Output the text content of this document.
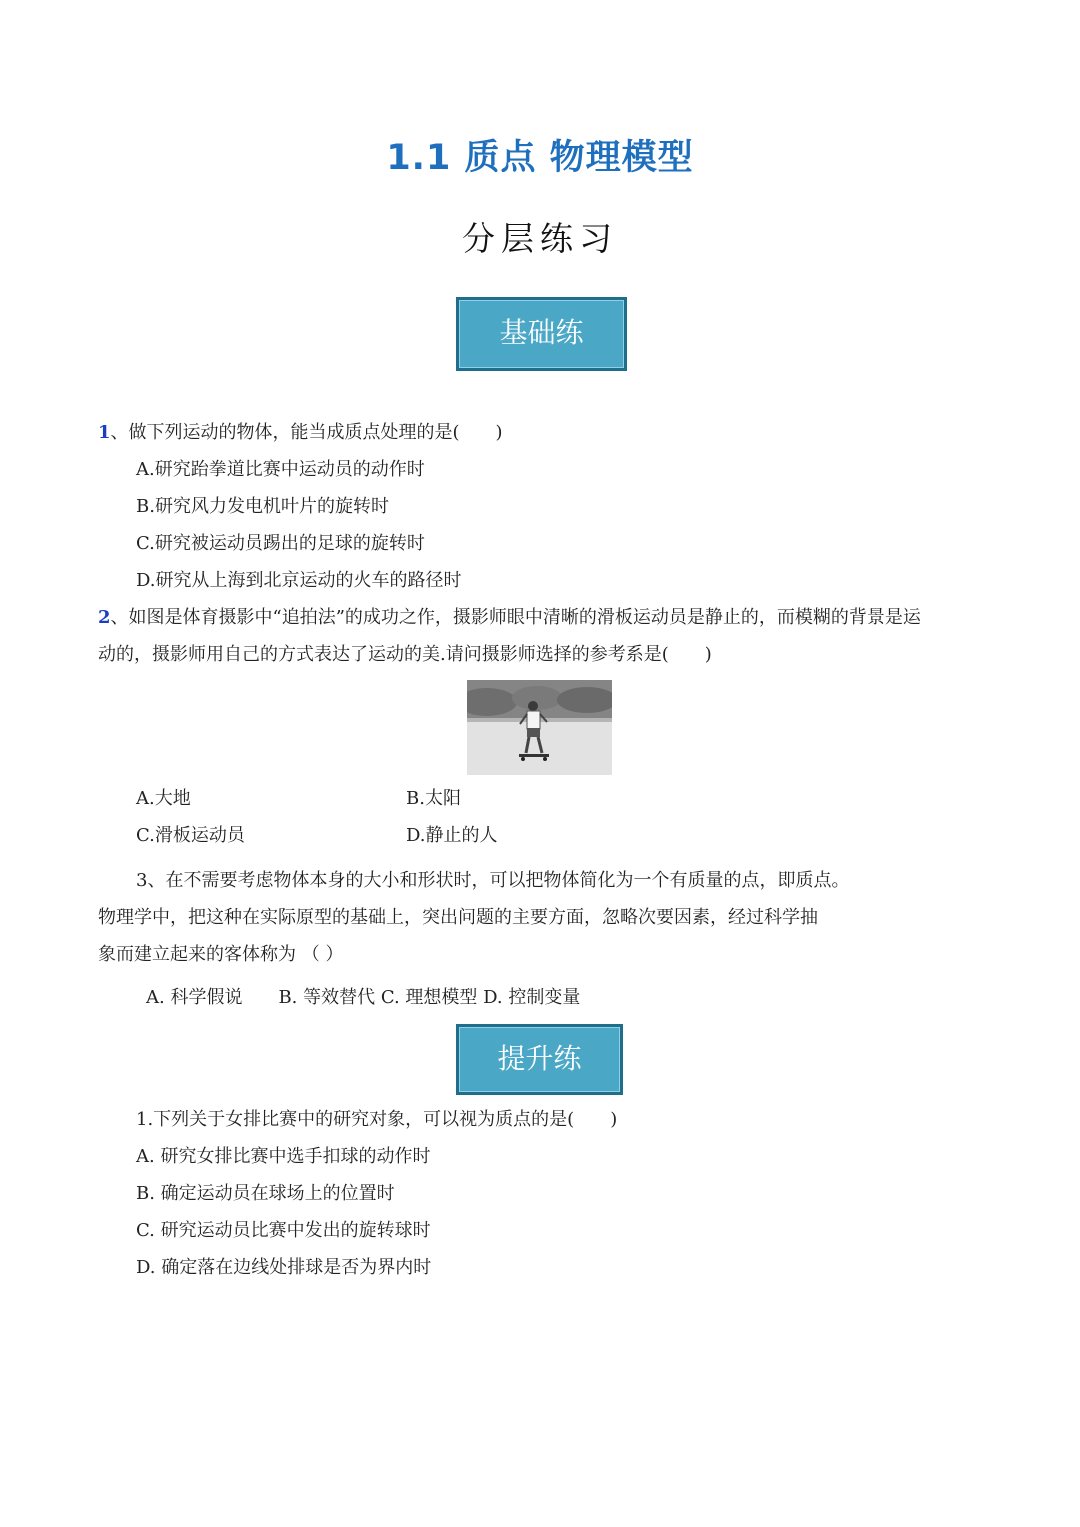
1.1 质点 物理模型
分层练习
基础练
1、做下列运动的物体，能当成质点处理的是(　　)
A.研究跆拳道比赛中运动员的动作时
B.研究风力发电机叶片的旋转时
C.研究被运动员踢出的足球的旋转时
D.研究从上海到北京运动的火车的路径时
2、如图是体育摄影中“追拍法”的成功之作，摄影师眼中清晰的滑板运动员是静止的，而模糊的背景是运
动的，摄影师用自己的方式表达了运动的美.请问摄影师选择的参考系是(　　)
A.大地	B.太阳
C.滑板运动员	D.静止的人
3、在不需要考虑物体本身的大小和形状时，可以把物体简化为一个有质量的点，即质点。
物理学中，把这种在实际原型的基础上，突出问题的主要方面，忽略次要因素，经过科学抽
象而建立起来的客体称为 （ ）
A. 科学假说　　B. 等效替代 C. 理想模型 D. 控制变量
提升练
1.下列关于女排比赛中的研究对象，可以视为质点的是(　　)
A. 研究女排比赛中选手扣球的动作时
B. 确定运动员在球场上的位置时
C. 研究运动员比赛中发出的旋转球时
D. 确定落在边线处排球是否为界内时
